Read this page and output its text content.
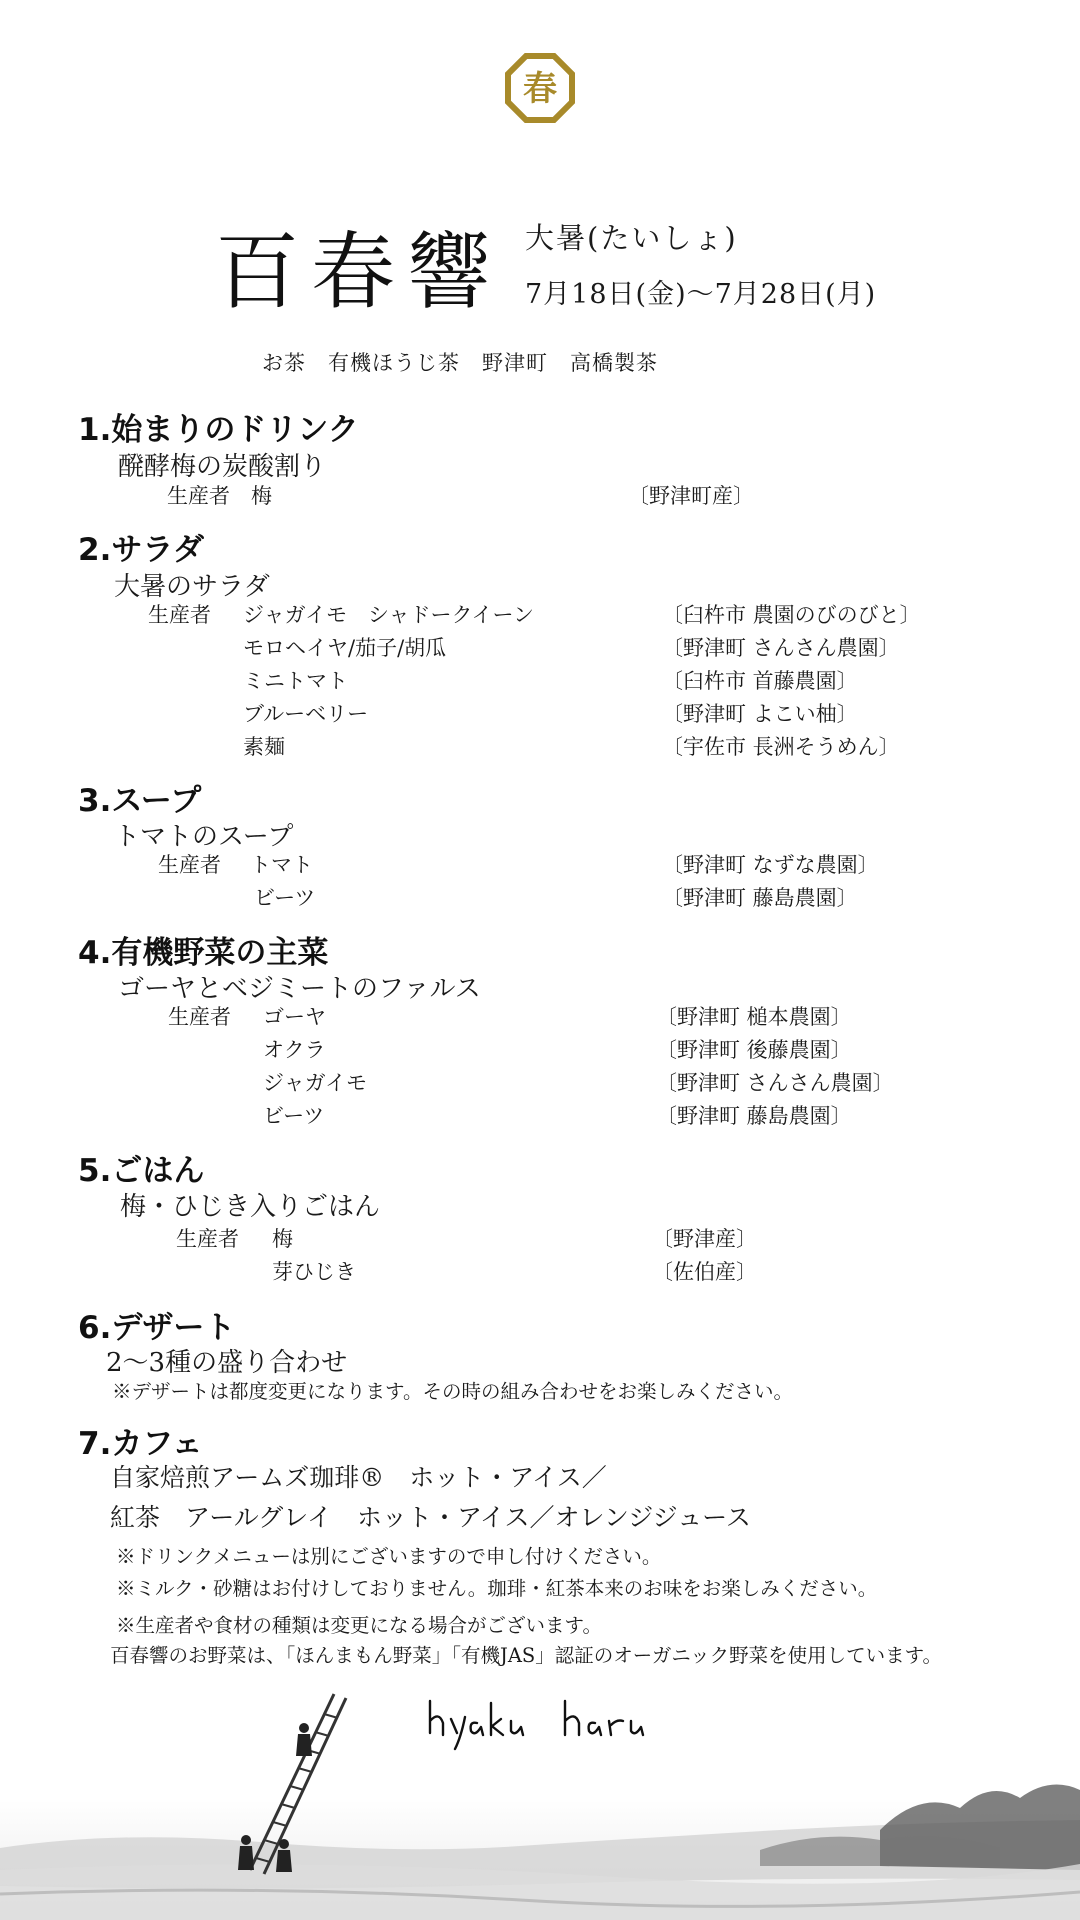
春
百春響 大暑(たいしょ)
7月18日(金)〜7月28日(月)
お茶　有機ほうじ茶　野津町　高橋製茶
1.始まりのドリンク
醗酵梅の炭酸割り
生産者　梅	〔野津町産〕
2.サラダ
大暑のサラダ
生産者 ジャガイモ　シャドークイーン	〔臼杵市 農園のびのびと〕
モロヘイヤ/茄子/胡瓜	〔野津町 さんさん農園〕
ミニトマト	〔臼杵市 首藤農園〕
ブルーベリー	〔野津町 よこい柚〕
素麺	〔宇佐市 長洲そうめん〕
3.スープ
トマトのスープ
生産者 トマト	〔野津町 なずな農園〕
ビーツ	〔野津町 藤島農園〕
4.有機野菜の主菜
ゴーヤとベジミートのファルス
生産者 ゴーヤ	〔野津町 槌本農園〕
オクラ	〔野津町 後藤農園〕
ジャガイモ	〔野津町 さんさん農園〕
ビーツ	〔野津町 藤島農園〕
5.ごはん
梅・ひじき入りごはん
生産者 梅	〔野津産〕
芽ひじき	〔佐伯産〕
6.デザート
2〜3種の盛り合わせ
※デザートは都度変更になります。その時の組み合わせをお楽しみください。
7.カフェ
自家焙煎アームズ珈琲®　ホット・アイス／
紅茶　アールグレイ　ホット・アイス／オレンジジュース
※ドリンクメニューは別にございますので申し付けください。
※ミルク・砂糖はお付けしておりません。珈琲・紅茶本来のお味をお楽しみください。
※生産者や食材の種類は変更になる場合がございます。
百春響のお野菜は、「ほんまもん野菜」「有機JAS」認証のオーガニック野菜を使用しています。
